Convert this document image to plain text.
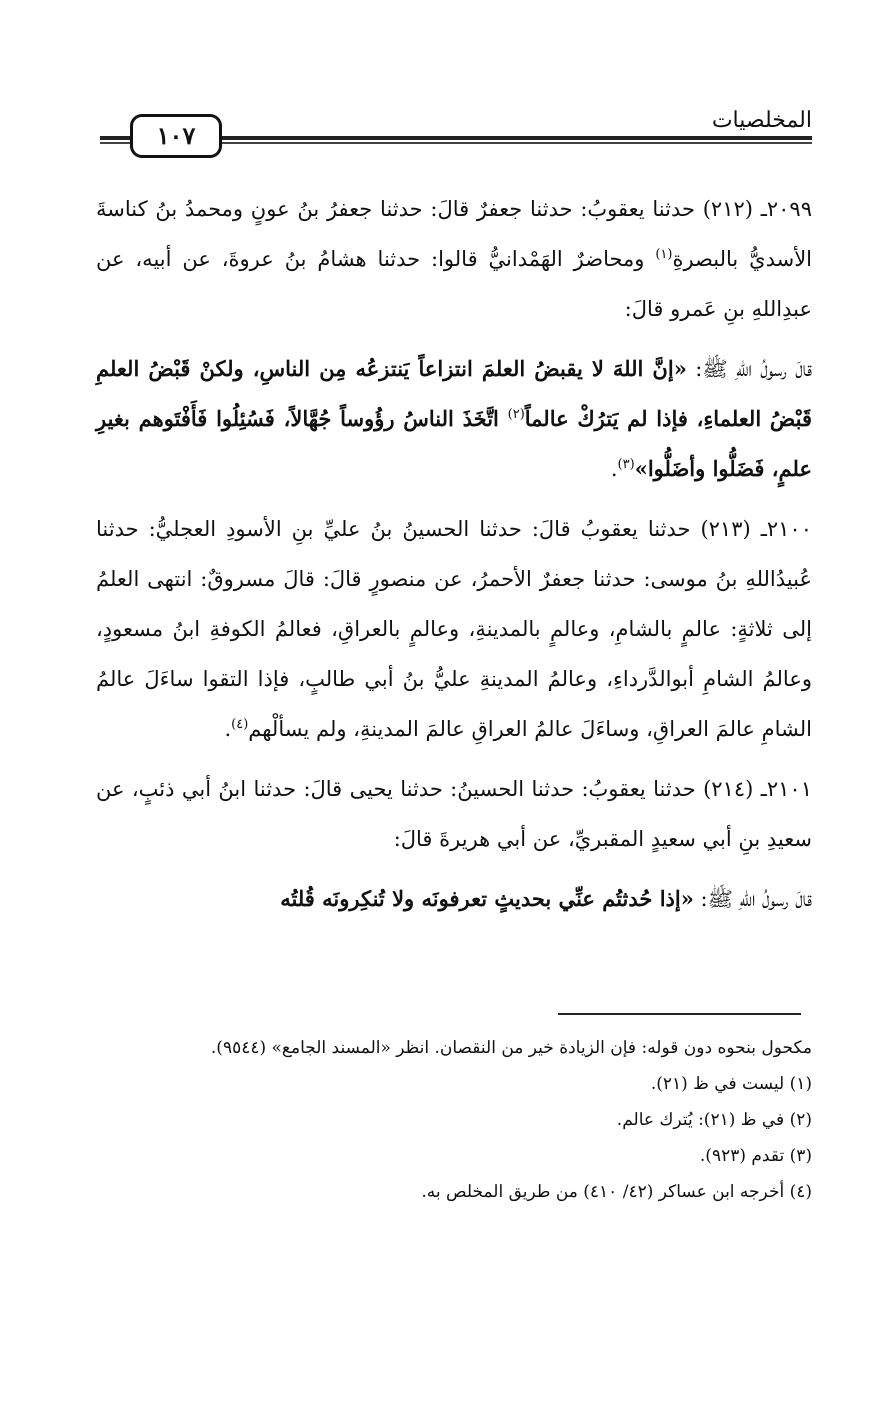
المخلصيات
١٠٧

٢٠٩٩ـ (٢١٢) حدثنا يعقوبُ: حدثنا جعفرٌ قالَ: حدثنا جعفرُ بنُ عونٍ ومحمدُ بنُ كناسةَ الأسديُّ بالبصرةِ$^{(١)}$ ومحاضرٌ الهَمْدانيُّ قالوا: حدثنا هشامُ بنُ عروةَ، عن أبيه، عن عبدِاللهِ بنِ عَمرو قالَ:

قالَ رسولُ اللهِ ﷺ: «إنَّ اللهَ لا يقبضُ العلمَ انتزاعاً يَنتزعُه مِن الناسِ، ولكنْ قَبْضُ العلمِ قَبْضُ العلماءِ، فإذا لم يَترُكْ عالماً$^{(٢)}$ اتَّخَذَ الناسُ رؤُوساً جُهَّالاً، فَسُئِلُوا فَأَفْتَوهم بغيرِ علمٍ، فَضَلُّوا وأضَلُّوا»$^{(٣)}$.

٢١٠٠ـ (٢١٣) حدثنا يعقوبُ قالَ: حدثنا الحسينُ بنُ عليِّ بنِ الأسودِ العجليُّ: حدثنا عُبيدُاللهِ بنُ موسى: حدثنا جعفرٌ الأحمرُ، عن منصورٍ قالَ: قالَ مسروقٌ: انتهى العلمُ إلى ثلاثةٍ: عالمٍ بالشامِ، وعالمٍ بالمدينةِ، وعالمٍ بالعراقِ، فعالمُ الكوفةِ ابنُ مسعودٍ، وعالمُ الشامِ أبوالدَّرداءِ، وعالمُ المدينةِ عليُّ بنُ أبي طالبٍ، فإذا التقوا ساءَلَ عالمُ الشامِ عالمَ العراقِ، وساءَلَ عالمُ العراقِ عالمَ المدينةِ، ولم يسألْهم$^{(٤)}$.

٢١٠١ـ (٢١٤) حدثنا يعقوبُ: حدثنا الحسينُ: حدثنا يحيى قالَ: حدثنا ابنُ أبي ذئبٍ، عن سعيدِ بنِ أبي سعيدٍ المقبريِّ، عن أبي هريرةَ قالَ:

قالَ رسولُ اللهِ ﷺ: «إذا حُدثتُم عنِّي بحديثٍ تعرفونَه ولا تُنكِرونَه قُلتُه

مكحول بنحوه دون قوله: فإن الزيادة خير من النقصان. انظر «المسند الجامع» (٩٥٤٤).

(١) ليست في ظ (٢١).

(٢) في ظ (٢١): يُترك عالم.

(٣) تقدم (٩٢٣).

(٤) أخرجه ابن عساكر (٤٢/ ٤١٠) من طريق المخلص به.
